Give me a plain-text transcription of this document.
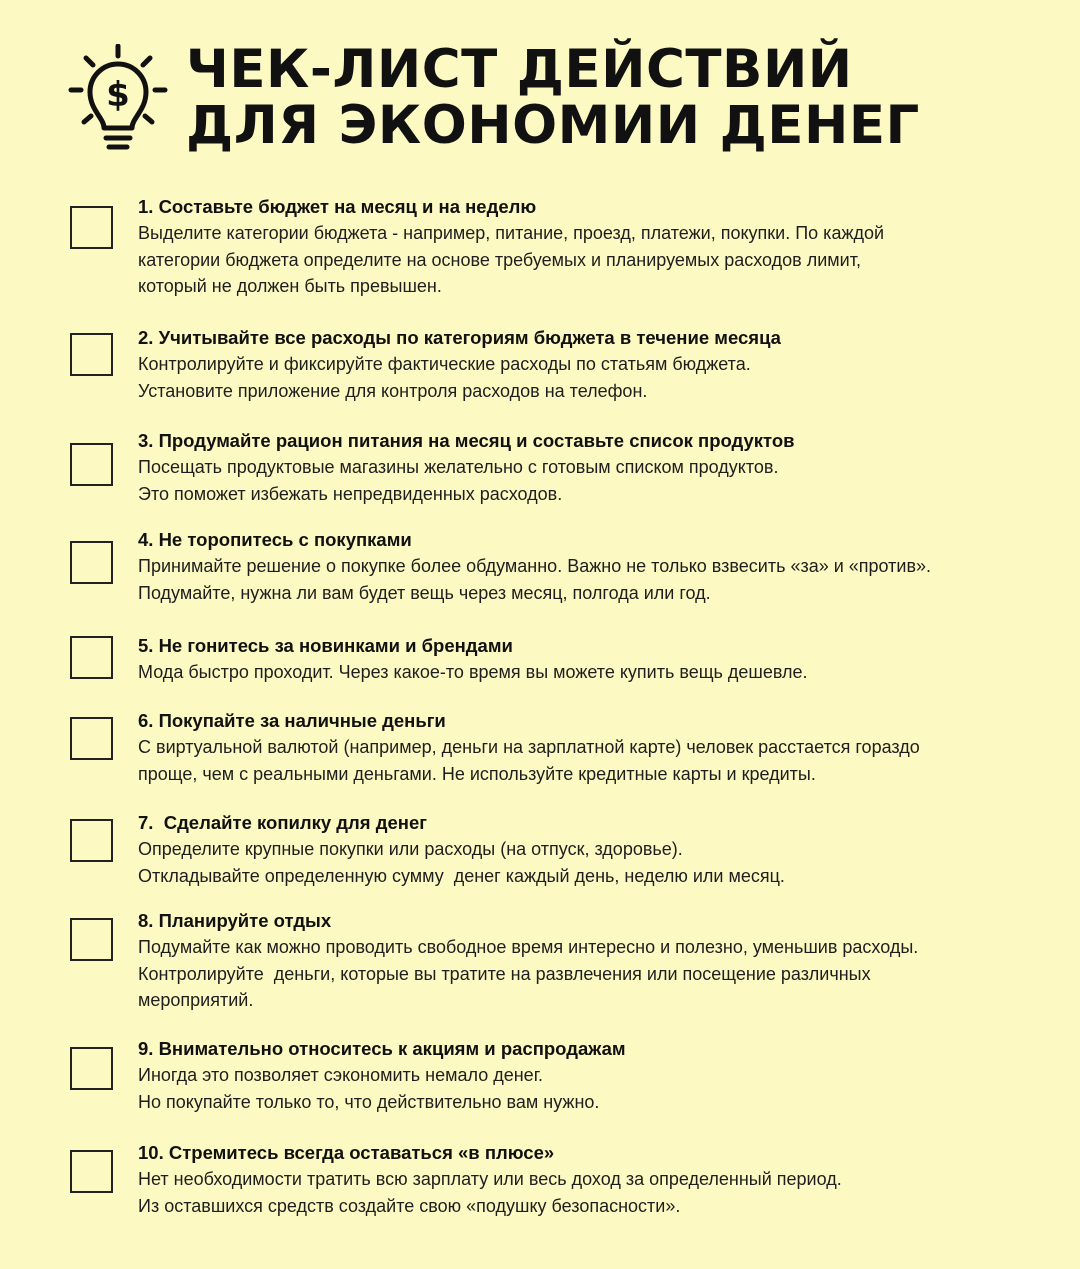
$ ЧЕК-ЛИСТ ДЕЙСТВИЙ
ДЛЯ ЭКОНОМИИ ДЕНЕГ
1. Составьте бюджет на месяц и на неделю
Выделите категории бюджета - например, питание, проезд, платежи, покупки. По каждой
категории бюджета определите на основе требуемых и планируемых расходов лимит,
который не должен быть превышен.
2. Учитывайте все расходы по категориям бюджета в течение месяца
Контролируйте и фиксируйте фактические расходы по статьям бюджета.
Установите приложение для контроля расходов на телефон.
3. Продумайте рацион питания на месяц и составьте список продуктов
Посещать продуктовые магазины желательно с готовым списком продуктов.
Это поможет избежать непредвиденных расходов.
4. Не торопитесь с покупками
Принимайте решение о покупке более обдуманно. Важно не только взвесить «за» и «против».
Подумайте, нужна ли вам будет вещь через месяц, полгода или год.
5. Не гонитесь за новинками и брендами
Мода быстро проходит. Через какое-то время вы можете купить вещь дешевле.
6. Покупайте за наличные деньги
С виртуальной валютой (например, деньги на зарплатной карте) человек расстается гораздо
проще, чем с реальными деньгами. Не используйте кредитные карты и кредиты.
7.  Сделайте копилку для денег
Определите крупные покупки или расходы (на отпуск, здоровье).
Откладывайте определенную сумму  денег каждый день, неделю или месяц.
8. Планируйте отдых
Подумайте как можно проводить свободное время интересно и полезно, уменьшив расходы.
Контролируйте  деньги, которые вы тратите на развлечения или посещение различных
мероприятий.
9. Внимательно относитесь к акциям и распродажам
Иногда это позволяет сэкономить немало денег.
Но покупайте только то, что действительно вам нужно.
10. Стремитесь всегда оставаться «в плюсе»
Нет необходимости тратить всю зарплату или весь доход за определенный период.
Из оставшихся средств создайте свою «подушку безопасности».
